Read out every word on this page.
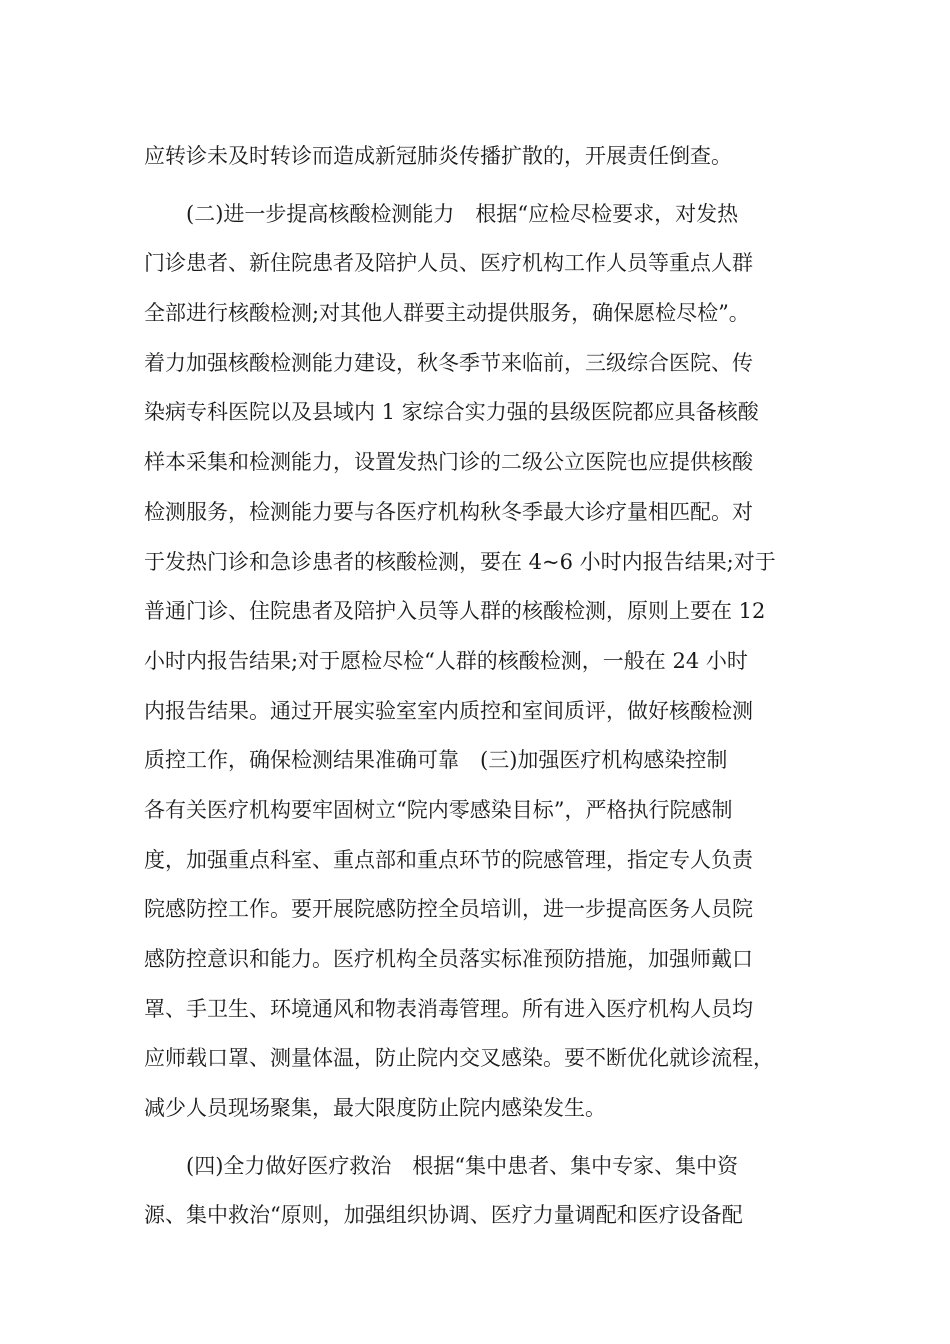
应转诊未及时转诊而造成新冠肺炎传播扩散的，开展责任倒查。
(二)进一步提高核酸检测能力　根据“应检尽检要求，对发热
门诊患者、新住院患者及陪护人员、医疗机构工作人员等重点人群
全部进行核酸检测;对其他人群要主动提供服务，确保愿检尽检”。
着力加强核酸检测能力建设，秋冬季节来临前，三级综合医院、传
染病专科医院以及县域内 1 家综合实力强的县级医院都应具备核酸
样本采集和检测能力，设置发热门诊的二级公立医院也应提供核酸
检测服务，检测能力要与各医疗机构秋冬季最大诊疗量相匹配。对
于发热门诊和急诊患者的核酸检测，要在 4~6 小时内报告结果;对于
普通门诊、住院患者及陪护入员等人群的核酸检测，原则上要在 12
小时内报告结果;对于愿检尽检“人群的核酸检测，一般在 24 小时
内报告结果。通过开展实验室室内质控和室间质评，做好核酸检测
质控工作，确保检测结果准确可靠　(三)加强医疗机构感染控制
各有关医疗机构要牢固树立“院内零感染目标”，严格执行院感制
度，加强重点科室、重点部和重点环节的院感管理，指定专人负责
院感防控工作。要开展院感防控全员培训，进一步提高医务人员院
感防控意识和能力。医疗机构全员落实标准预防措施，加强师戴口
罩、手卫生、环境通风和物表消毒管理。所有进入医疗机构人员均
应师载口罩、测量体温，防止院内交叉感染。要不断优化就诊流程，
减少人员现场聚集，最大限度防止院内感染发生。
(四)全力做好医疗救治　根据“集中患者、集中专家、集中资
源、集中救治“原则，加强组织协调、医疗力量调配和医疗设备配
